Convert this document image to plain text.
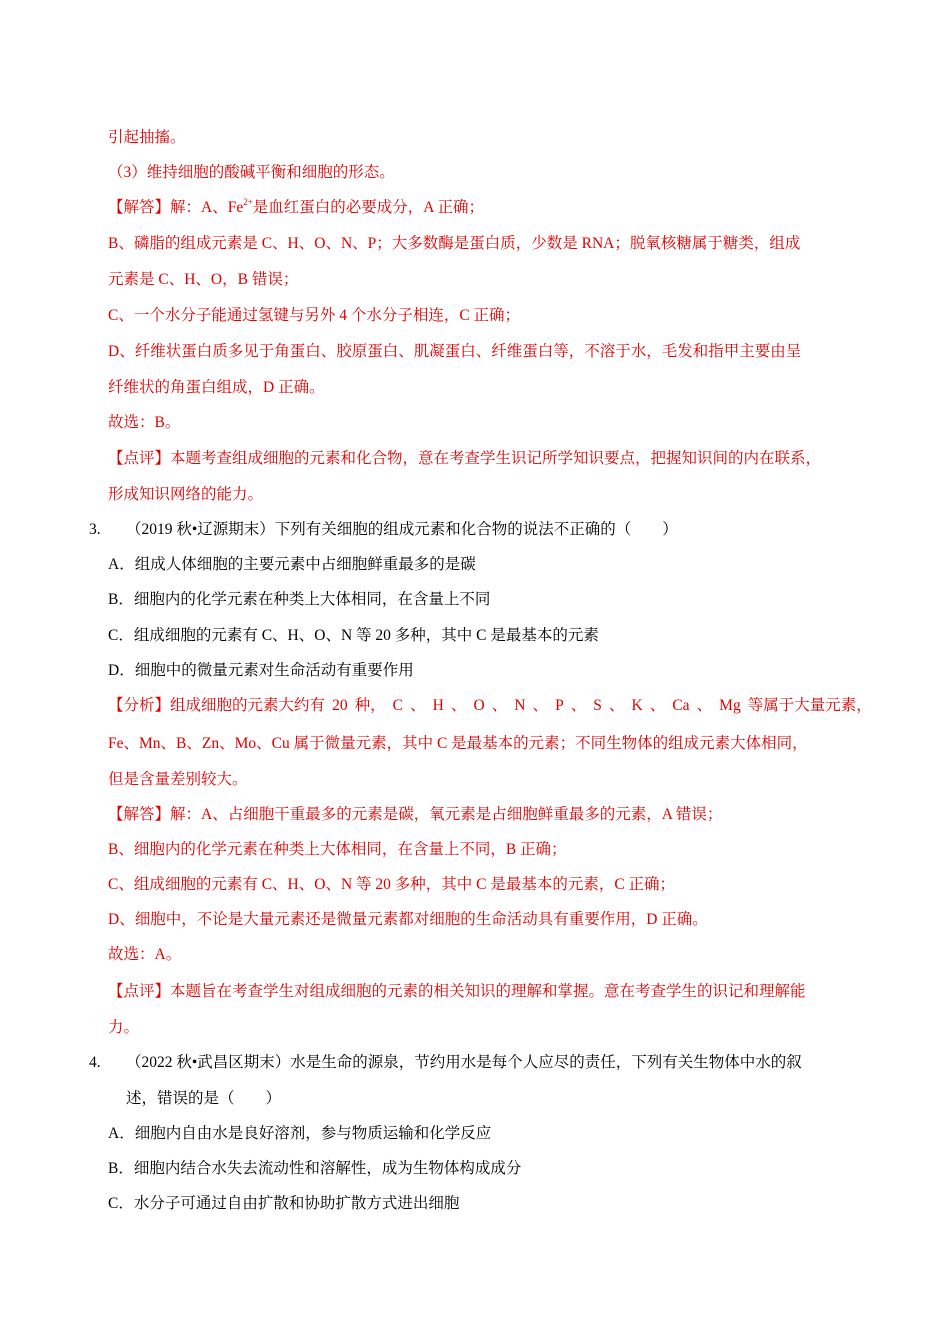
引起抽搐。
（3）维持细胞的酸碱平衡和细胞的形态。
【解答】解：A、$Fe^{2+}$是血红蛋白的必要成分，A 正确；
B、磷脂的组成元素是 C、H、O、N、P；大多数酶是蛋白质，少数是 RNA；脱氧核糖属于糖类，组成
元素是 C、H、O，B 错误；
C、一个水分子能通过氢键与另外 4 个水分子相连，C 正确；
D、纤维状蛋白质多见于角蛋白、胶原蛋白、肌凝蛋白、纤维蛋白等，不溶于水，毛发和指甲主要由呈
纤维状的角蛋白组成，D 正确。
故选：B。
【点评】本题考查组成细胞的元素和化合物，意在考查学生识记所学知识要点，把握知识间的内在联系，
形成知识网络的能力。
3. （2019 秋•辽源期末）下列有关细胞的组成元素和化合物的说法不正确的（　　）
A．组成人体细胞的主要元素中占细胞鲜重最多的是碳
B．细胞内的化学元素在种类上大体相同，在含量上不同
C．组成细胞的元素有 C、H、O、N 等 20 多种，其中 C 是最基本的元素
D．细胞中的微量元素对生命活动有重要作用
【分析】组成细胞的元素大约有 20 种， C 、 H 、 O 、 N 、 P 、 S 、 K 、 Ca 、 Mg 等属于大量元素，
Fe、Mn、B、Zn、Mo、Cu 属于微量元素，其中 C 是最基本的元素；不同生物体的组成元素大体相同，
但是含量差别较大。
【解答】解：A、占细胞干重最多的元素是碳，氧元素是占细胞鲜重最多的元素，A 错误；
B、细胞内的化学元素在种类上大体相同，在含量上不同，B 正确；
C、组成细胞的元素有 C、H、O、N 等 20 多种，其中 C 是最基本的元素，C 正确；
D、细胞中，不论是大量元素还是微量元素都对细胞的生命活动具有重要作用，D 正确。
故选：A。
【点评】本题旨在考查学生对组成细胞的元素的相关知识的理解和掌握。意在考查学生的识记和理解能
力。
4. （2022 秋•武昌区期末）水是生命的源泉，节约用水是每个人应尽的责任，下列有关生物体中水的叙
述，错误的是（　　）
A．细胞内自由水是良好溶剂，参与物质运输和化学反应
B．细胞内结合水失去流动性和溶解性，成为生物体构成成分
C．水分子可通过自由扩散和协助扩散方式进出细胞
